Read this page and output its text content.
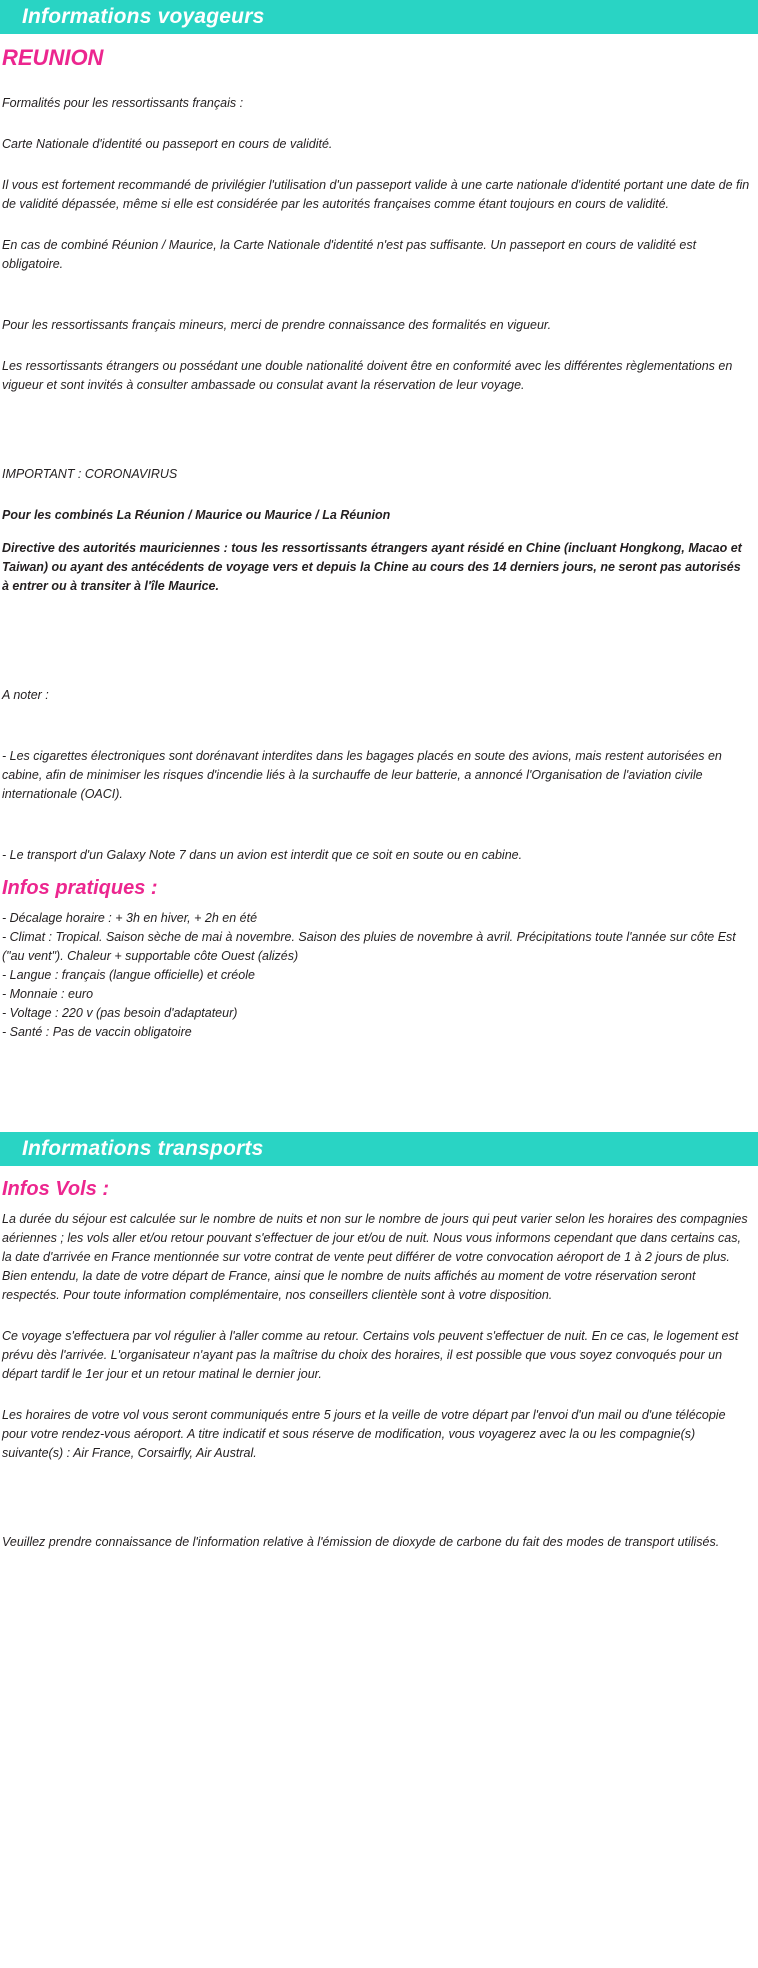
Informations voyageurs
REUNION

Formalités pour les ressortissants français :

Carte Nationale d'identité ou passeport en cours de validité.

Il vous est fortement recommandé de privilégier l'utilisation d'un passeport valide à une carte nationale d'identité portant une date de fin de validité dépassée, même si elle est considérée par les autorités françaises comme étant toujours en cours de validité.

En cas de combiné Réunion / Maurice, la Carte Nationale d'identité n'est pas suffisante. Un passeport en cours de validité est obligatoire.

Pour les ressortissants français mineurs, merci de prendre connaissance des formalités en vigueur.

Les ressortissants étrangers ou possédant une double nationalité doivent être en conformité avec les différentes règlementations en vigueur et sont invités à consulter ambassade ou consulat avant la réservation de leur voyage.

IMPORTANT : CORONAVIRUS

Pour les combinés La Réunion / Maurice ou Maurice / La Réunion

Directive des autorités mauriciennes : tous les ressortissants étrangers ayant résidé en Chine (incluant Hongkong, Macao et Taiwan) ou ayant des antécédents de voyage vers et depuis la Chine au cours des 14 derniers jours, ne seront pas autorisés à entrer ou à transiter à l'île Maurice.

A noter :

- Les cigarettes électroniques sont dorénavant interdites dans les bagages placés en soute des avions, mais restent autorisées en cabine, afin de minimiser les risques d'incendie liés à la surchauffe de leur batterie, a annoncé l'Organisation de l'aviation civile internationale (OACI).

- Le transport d'un Galaxy Note 7 dans un avion est interdit que ce soit en soute ou en cabine.

Infos pratiques :

- Décalage horaire : + 3h en hiver, + 2h en été

- Climat : Tropical. Saison sèche de mai à novembre. Saison des pluies de novembre à avril. Précipitations toute l'année sur côte Est ("au vent"). Chaleur + supportable côte Ouest (alizés)

- Langue : français (langue officielle) et créole

- Monnaie : euro

- Voltage : 220 v (pas besoin d'adaptateur)

- Santé : Pas de vaccin obligatoire

Informations transports
Infos Vols :

La durée du séjour est calculée sur le nombre de nuits et non sur le nombre de jours qui peut varier selon les horaires des compagnies aériennes ; les vols aller et/ou retour pouvant s'effectuer de jour et/ou de nuit. Nous vous informons cependant que dans certains cas, la date d'arrivée en France mentionnée sur votre contrat de vente peut différer de votre convocation aéroport de 1 à 2 jours de plus. Bien entendu, la date de votre départ de France, ainsi que le nombre de nuits affichés au moment de votre réservation seront respectés. Pour toute information complémentaire, nos conseillers clientèle sont à votre disposition.

Ce voyage s'effectuera par vol régulier à l'aller comme au retour. Certains vols peuvent s'effectuer de nuit. En ce cas, le logement est prévu dès l'arrivée. L'organisateur n'ayant pas la maîtrise du choix des horaires, il est possible que vous soyez convoqués pour un départ tardif le 1er jour et un retour matinal le dernier jour.

Les horaires de votre vol vous seront communiqués entre 5 jours et la veille de votre départ par l'envoi d'un mail ou d'une télécopie pour votre rendez-vous aéroport. A titre indicatif et sous réserve de modification, vous voyagerez avec la ou les compagnie(s) suivante(s) : Air France, Corsairfly, Air Austral.

Veuillez prendre connaissance de l'information relative à l'émission de dioxyde de carbone du fait des modes de transport utilisés.
